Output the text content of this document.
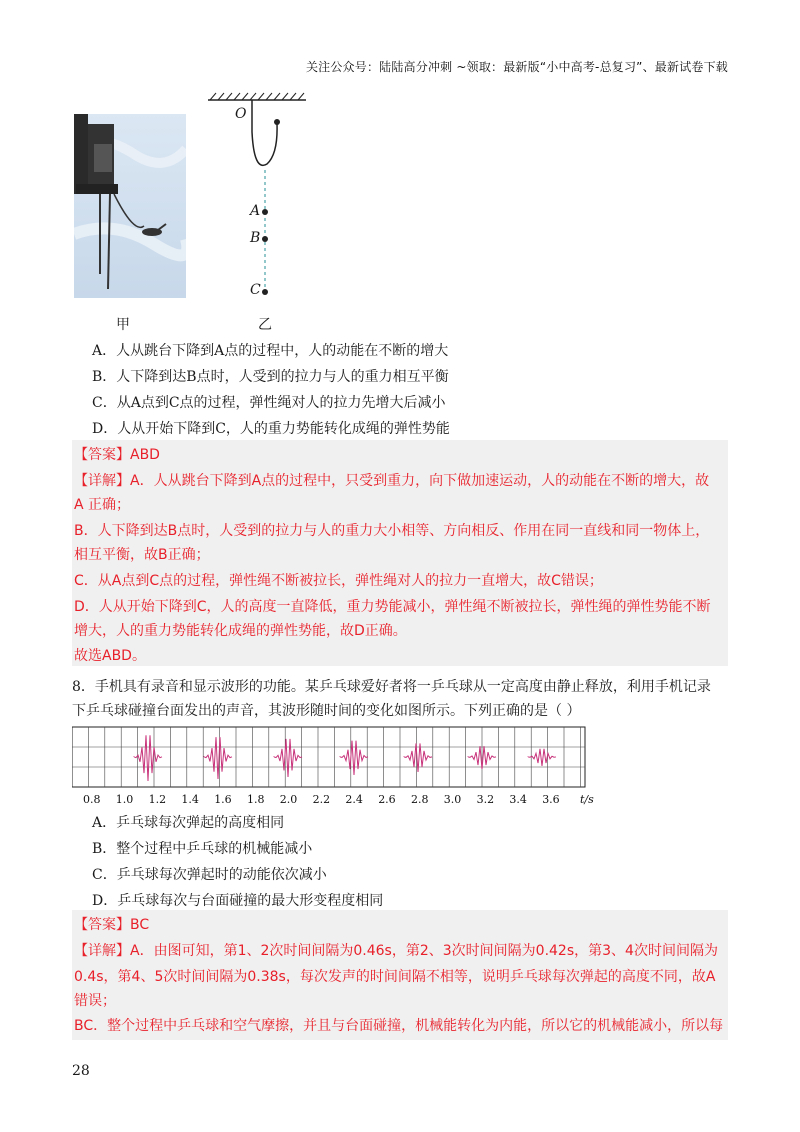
关注公众号：陆陆高分冲刺 ~领取：最新版“小中高考-总复习”、最新试卷下载
O
A
B
C
甲	乙
A．人从跳台下降到A点的过程中，人的动能在不断的增大
B．人下降到达B点时，人受到的拉力与人的重力相互平衡
C．从A点到C点的过程，弹性绳对人的拉力先增大后减小
D．人从开始下降到C，人的重力势能转化成绳的弹性势能
【答案】ABD
【详解】A．人从跳台下降到A点的过程中，只受到重力，向下做加速运动，人的动能在不断的增大，故
A 正确；
B．人下降到达B点时，人受到的拉力与人的重力大小相等、方向相反、作用在同一直线和同一物体上，
相互平衡，故B正确；
C．从A点到C点的过程，弹性绳不断被拉长，弹性绳对人的拉力一直增大，故C错误；
D．人从开始下降到C，人的高度一直降低，重力势能减小，弹性绳不断被拉长，弹性绳的弹性势能不断
增大，人的重力势能转化成绳的弹性势能，故D正确。
故选ABD。
8．手机具有录音和显示波形的功能。某乒乓球爱好者将一乒乓球从一定高度由静止释放，利用手机记录
下乒乓球碰撞台面发出的声音，其波形随时间的变化如图所示。下列正确的是（ ）
0.8 1.0 1.2 1.4 1.6 1.8 2.0 2.2 2.4 2.6 2.8 3.0 3.2 3.4 3.6 t/s
A．乒乓球每次弹起的高度相同
B．整个过程中乒乓球的机械能减小
C．乒乓球每次弹起时的动能依次减小
D．乒乓球每次与台面碰撞的最大形变程度相同
【答案】BC
【详解】A．由图可知，第1、2次时间间隔为0.46s，第2、3次时间间隔为0.42s，第3、4次时间间隔为
0.4s，第4、5次时间间隔为0.38s，每次发声的时间间隔不相等，说明乒乓球每次弹起的高度不同，故A
错误；
BC．整个过程中乒乓球和空气摩擦，并且与台面碰撞，机械能转化为内能，所以它的机械能减小，所以每
28
